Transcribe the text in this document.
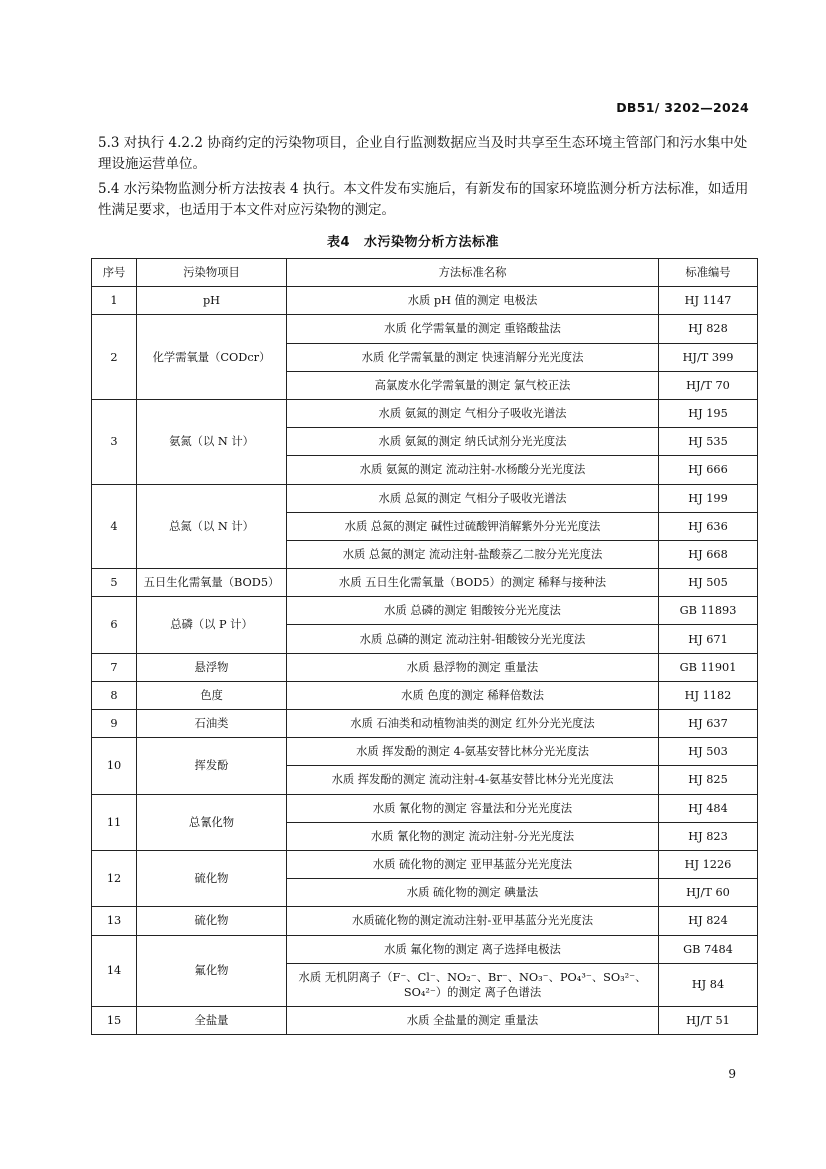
DB51/ 3202—2024

5.3 对执行 4.2.2 协商约定的污染物项目，企业自行监测数据应当及时共享至生态环境主管部门和污水集中处理设施运营单位。

5.4 水污染物监测分析方法按表 4 执行。本文件发布实施后，有新发布的国家环境监测分析方法标准，如适用性满足要求，也适用于本文件对应污染物的测定。

表4 水污染物分析方法标准
序号	污染物项目	方法标准名称	标准编号
1	pH	水质 pH 值的测定 电极法	HJ 1147
2	化学需氧量（CODcr）	水质 化学需氧量的测定 重铬酸盐法	HJ 828
		水质 化学需氧量的测定 快速消解分光光度法	HJ/T 399
		高氯废水化学需氧量的测定 氯气校正法	HJ/T 70
3	氨氮（以 N 计）	水质 氨氮的测定 气相分子吸收光谱法	HJ 195
		水质 氨氮的测定 纳氏试剂分光光度法	HJ 535
		水质 氨氮的测定 流动注射-水杨酸分光光度法	HJ 666
4	总氮（以 N 计）	水质 总氮的测定 气相分子吸收光谱法	HJ 199
		水质 总氮的测定 碱性过硫酸钾消解紫外分光光度法	HJ 636
		水质 总氮的测定 流动注射-盐酸萘乙二胺分光光度法	HJ 668
5	五日生化需氧量（BOD5）	水质 五日生化需氧量（BOD5）的测定 稀释与接种法	HJ 505
6	总磷（以 P 计）	水质 总磷的测定 钼酸铵分光光度法	GB 11893
		水质 总磷的测定 流动注射-钼酸铵分光光度法	HJ 671
7	悬浮物	水质 悬浮物的测定 重量法	GB 11901
8	色度	水质 色度的测定 稀释倍数法	HJ 1182
9	石油类	水质 石油类和动植物油类的测定 红外分光光度法	HJ 637
10	挥发酚	水质 挥发酚的测定 4-氨基安替比林分光光度法	HJ 503
		水质 挥发酚的测定 流动注射-4-氨基安替比林分光光度法	HJ 825
11	总氰化物	水质 氰化物的测定 容量法和分光光度法	HJ 484
		水质 氰化物的测定 流动注射-分光光度法	HJ 823
12	硫化物	水质 硫化物的测定 亚甲基蓝分光光度法	HJ 1226
		水质 硫化物的测定 碘量法	HJ/T 60
13	硫化物	水质硫化物的测定流动注射-亚甲基蓝分光光度法	HJ 824
14	氟化物	水质 氟化物的测定 离子选择电极法	GB 7484
		水质 无机阴离子（F⁻、Cl⁻、NO₂⁻、Br⁻、NO₃⁻、PO₄³⁻、SO₃²⁻、SO₄²⁻）的测定 离子色谱法	HJ 84
15	全盐量	水质 全盐量的测定 重量法	HJ/T 51
9
